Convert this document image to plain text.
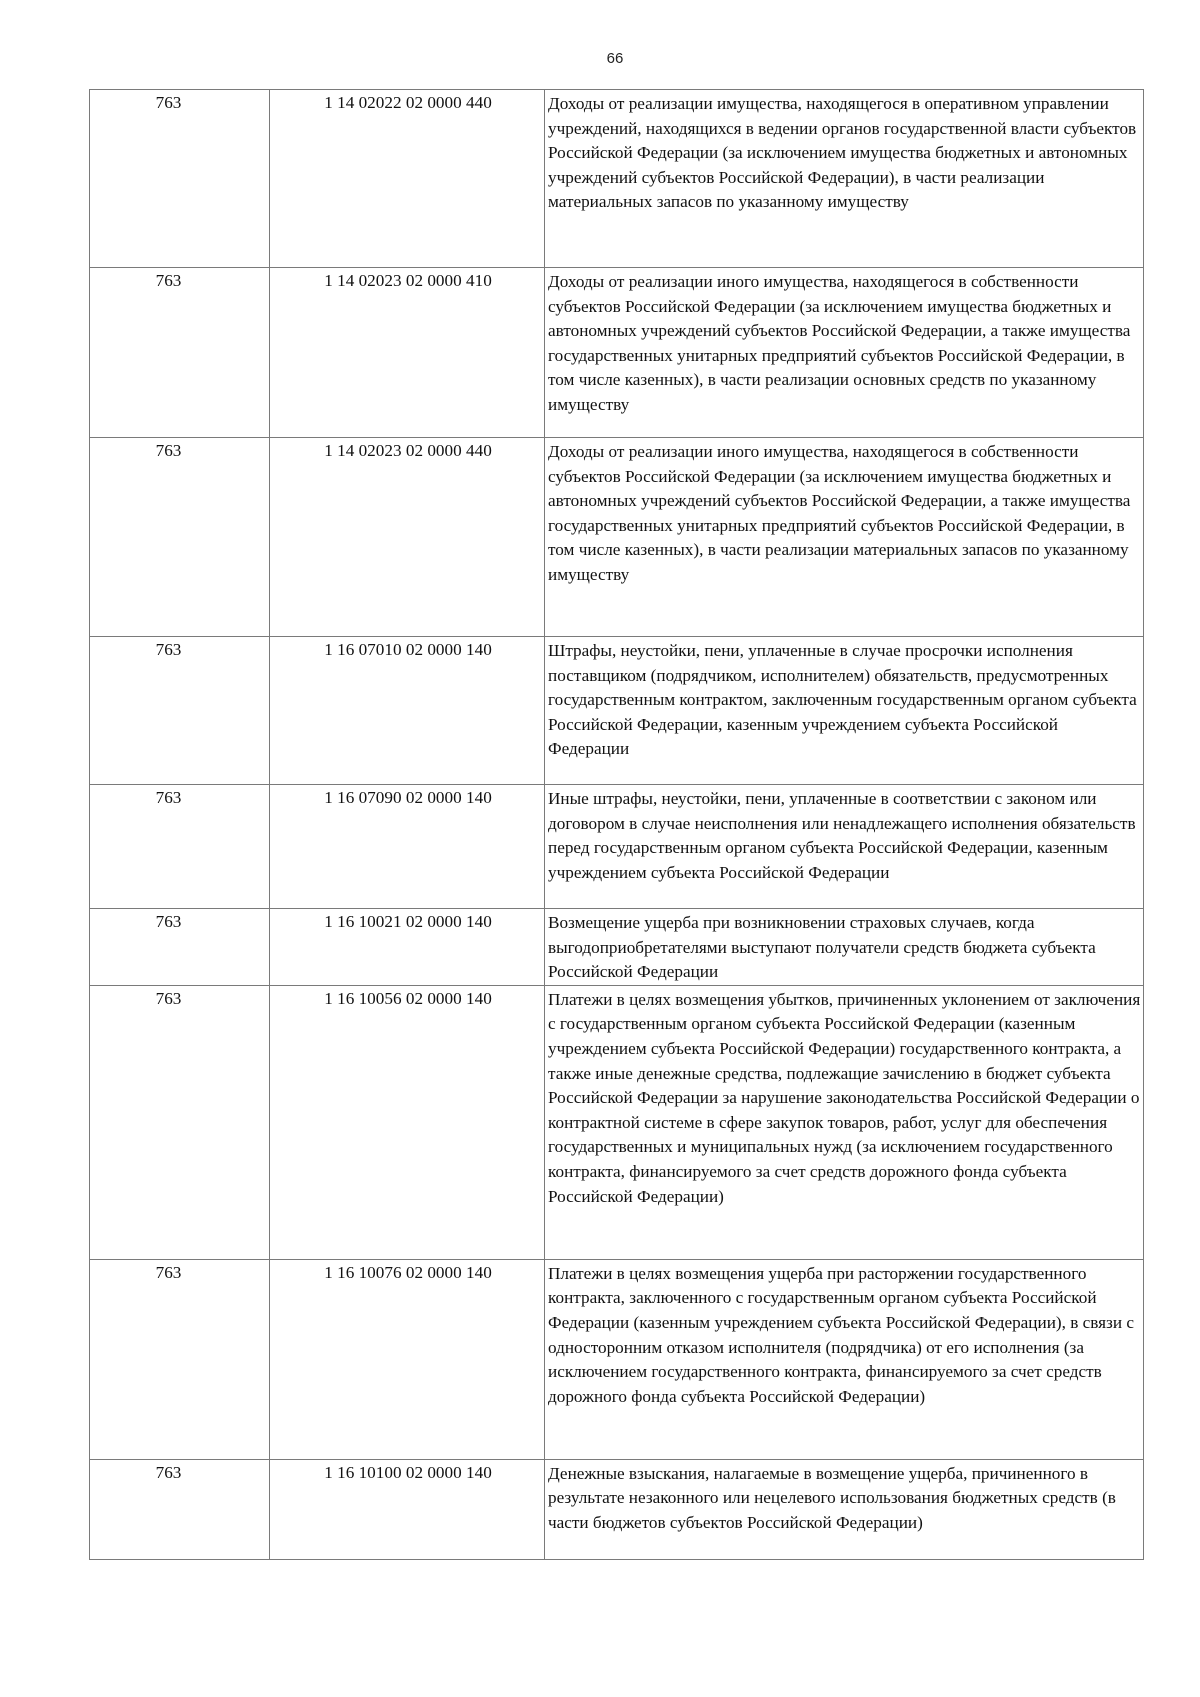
66
763	1 14 02022 02 0000 440	Доходы от реализации имущества, находящегося в оперативном управлении учреждений, находящихся в ведении органов государственной власти субъектов Российской Федерации (за исключением имущества бюджетных и автономных учреждений субъектов Российской Федерации), в части реализации материальных запасов по указанному имуществу
763	1 14 02023 02 0000 410	Доходы от реализации иного имущества, находящегося в собственности субъектов Российской Федерации (за исключением имущества бюджетных и автономных учреждений субъектов Российской Федерации, а также имущества государственных унитарных предприятий субъектов Российской Федерации, в том числе казенных), в части реализации основных средств по указанному имуществу
763	1 14 02023 02 0000 440	Доходы от реализации иного имущества, находящегося в собственности субъектов Российской Федерации (за исключением имущества бюджетных и автономных учреждений субъектов Российской Федерации, а также имущества государственных унитарных предприятий субъектов Российской Федерации, в том числе казенных), в части реализации материальных запасов по указанному имуществу
763	1 16 07010 02 0000 140	Штрафы, неустойки, пени, уплаченные в случае просрочки исполнения поставщиком (подрядчиком, исполнителем) обязательств, предусмотренных государственным контрактом, заключенным государственным органом субъекта Российской Федерации, казенным учреждением субъекта Российской Федерации
763	1 16 07090 02 0000 140	Иные штрафы, неустойки, пени, уплаченные в соответствии с законом или договором в случае неисполнения или ненадлежащего исполнения обязательств перед государственным органом субъекта Российской Федерации, казенным учреждением субъекта Российской Федерации
763	1 16 10021 02 0000 140	Возмещение ущерба при возникновении страховых случаев, когда выгодоприобретателями выступают получатели средств бюджета субъекта Российской Федерации
763	1 16 10056 02 0000 140	Платежи в целях возмещения убытков, причиненных уклонением от заключения с государственным органом субъекта Российской Федерации (казенным учреждением субъекта Российской Федерации) государственного контракта, а также иные денежные средства, подлежащие зачислению в бюджет субъекта Российской Федерации за нарушение законодательства Российской Федерации о контрактной системе в сфере закупок товаров, работ, услуг для обеспечения государственных и муниципальных нужд (за исключением государственного контракта, финансируемого за счет средств дорожного фонда субъекта Российской Федерации)
763	1 16 10076 02 0000 140	Платежи в целях возмещения ущерба при расторжении государственного контракта, заключенного с государственным органом субъекта Российской Федерации (казенным учреждением субъекта Российской Федерации), в связи с односторонним отказом исполнителя (подрядчика) от его исполнения (за исключением государственного контракта, финансируемого за счет средств дорожного фонда субъекта Российской Федерации)
763	1 16 10100 02 0000 140	Денежные взыскания, налагаемые в возмещение ущерба, причиненного в результате незаконного или нецелевого использования бюджетных средств (в части бюджетов субъектов Российской Федерации)
